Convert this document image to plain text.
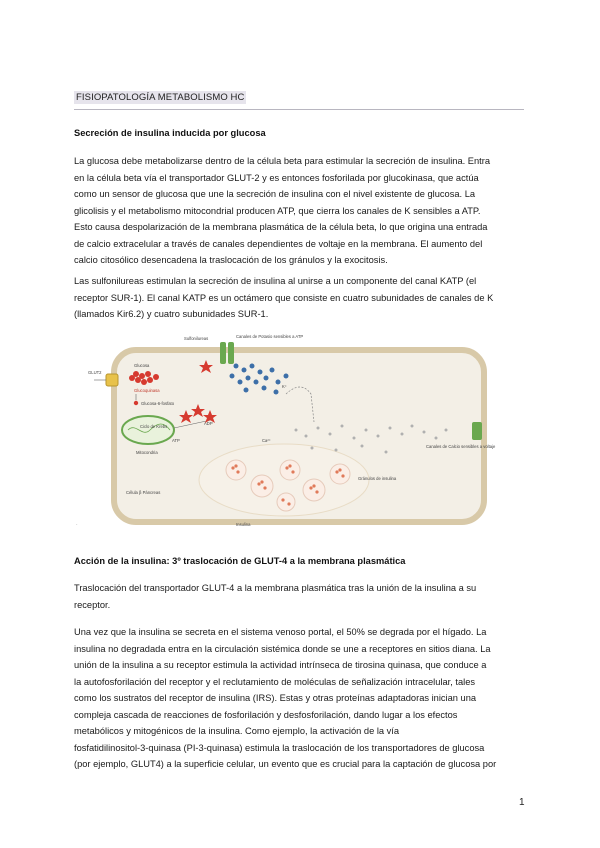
FISIOPATOLOGÍA METABOLISMO HC
Secreción de insulina inducida por glucosa

La glucosa debe metabolizarse dentro de la célula beta para estimular la secreción de insulina. Entra
en la célula beta vía el transportador GLUT-2 y es entonces fosforilada por glucokinasa, que actúa
como un sensor de glucosa que une la secreción de insulina con el nivel existente de glucosa. La
glicolisis y el metabolismo mitocondrial producen ATP, que cierra los canales de K sensibles a ATP.
Esto causa despolarización de la membrana plasmática de la célula beta, lo que origina una entrada
de calcio extracelular a través de canales dependientes de voltaje en la membrana. El aumento del
calcio citosólico desencadena la traslocación de los gránulos y la exocitosis.

Las sulfonilureas estimulan la secreción de insulina al unirse a un componente del canal KATP (el
receptor SUR-1). El canal KATP es un octámero que consiste en cuatro subunidades de canales de K
(llamados Kir6.2) y cuatro subunidades SUR-1.

GLUT2
Glucosa
Glucoquinasa
Glucosa-6-fosfato
Ciclo de Krebs
Mitocondria
ATP
ADP
Sulfonilureas	Canales de Potasio sensibles a ATP
K⁺
Canales de Calcio sensibles a voltaje
Ca²⁺
Gránulos de insulina
Insulina
Célula β Páncreas
·
Acción de la insulina: 3º traslocación de GLUT-4 a la membrana plasmática

Traslocación del transportador GLUT-4 a la membrana plasmática tras la unión de la insulina a su
receptor.

Una vez que la insulina se secreta en el sistema venoso portal, el 50% se degrada por el hígado. La
insulina no degradada entra en la circulación sistémica donde se une a receptores en sitios diana. La
unión de la insulina a su receptor estimula la actividad intrínseca de tirosina quinasa, que conduce a
la autofosforilación del receptor y el reclutamiento de moléculas de señalización intracelular, tales
como los sustratos del receptor de insulina (IRS). Estas y otras proteínas adaptadoras inician una
compleja cascada de reacciones de fosforilación y desfosforilación, dando lugar a los efectos
metabólicos y mitogénicos de la insulina. Como ejemplo, la activación de la vía
fosfatidilinositol-3-quinasa (PI-3-quinasa) estimula la traslocación de los transportadores de glucosa
(por ejemplo, GLUT4) a la superficie celular, un evento que es crucial para la captación de glucosa por

1
